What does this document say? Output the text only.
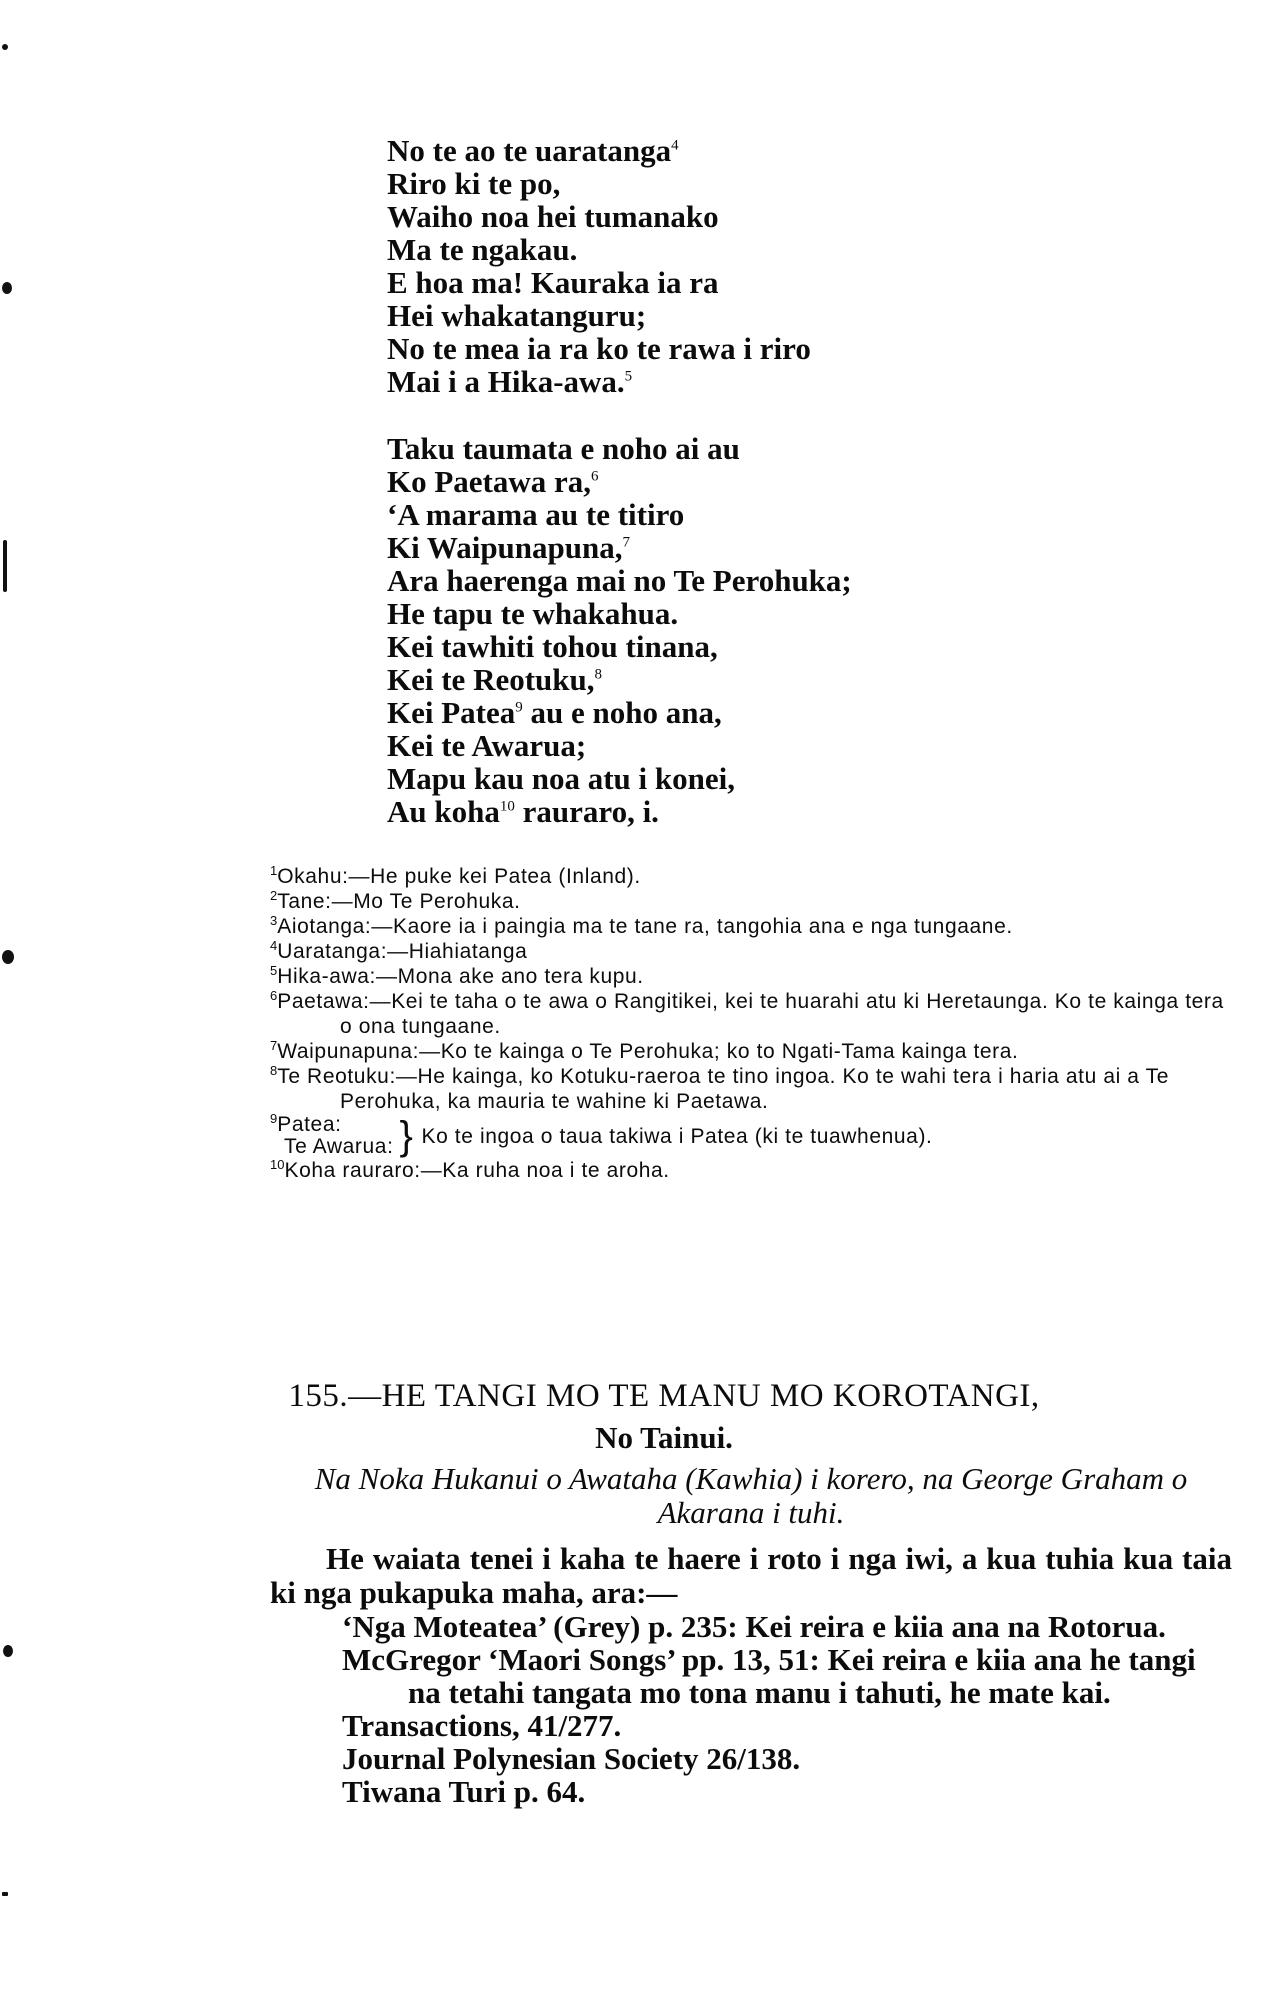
No te ao te uaratanga$^4$
Riro ki te po,
Waiho noa hei tumanako
Ma te ngakau.
E hoa ma! Kauraka ia ra
Hei whakatanguru;
No te mea ia ra ko te rawa i riro
Mai i a Hika-awa.$^5$
Taku taumata e noho ai au
Ko Paetawa ra,$^6$
‘A marama au te titiro
Ki Waipunapuna,$^7$
Ara haerenga mai no Te Perohuka;
He tapu te whakahua.
Kei tawhiti tohou tinana,
Kei te Reotuku,$^8$
Kei Patea$^9$ au e noho ana,
Kei te Awarua;
Mapu kau noa atu i konei,
Au koha$^{10}$ rauraro, i.
$^1$Okahu:—He puke kei Patea (Inland).
$^2$Tane:—Mo Te Perohuka.
$^3$Aiotanga:—Kaore ia i paingia ma te tane ra, tangohia ana e nga tungaane.
$^4$Uaratanga:—Hiahiatanga
$^5$Hika-awa:—Mona ake ano tera kupu.
$^6$Paetawa:—Kei te taha o te awa o Rangitikei, kei te huarahi atu ki Heretaunga. Ko te kainga tera o ona tungaane.
$^7$Waipunapuna:—Ko te kainga o Te Perohuka; ko to Ngati-Tama kainga tera.
$^8$Te Reotuku:—He kainga, ko Kotuku-raeroa te tino ingoa. Ko te wahi tera i haria atu ai a Te Perohuka, ka mauria te wahine ki Paetawa.
$^9$Patea:
Te Awarua: } Ko te ingoa o taua takiwa i Patea (ki te tuawhenua).
$^{10}$Koha rauraro:—Ka ruha noa i te aroha.
155.—HE TANGI MO TE MANU MO KOROTANGI,
No Tainui.
Na Noka Hukanui o Awataha (Kawhia) i korero, na George Graham o Akarana i tuhi.
He waiata tenei i kaha te haere i roto i nga iwi, a kua tuhia kua taia ki nga pukapuka maha, ara:—
‘Nga Moteatea’ (Grey) p. 235: Kei reira e kiia ana na Rotorua.
McGregor ‘Maori Songs’ pp. 13, 51: Kei reira e kiia ana he tangi na tetahi tangata mo tona manu i tahuti, he mate kai.
Transactions, 41/277.
Journal Polynesian Society 26/138.
Tiwana Turi p. 64.
